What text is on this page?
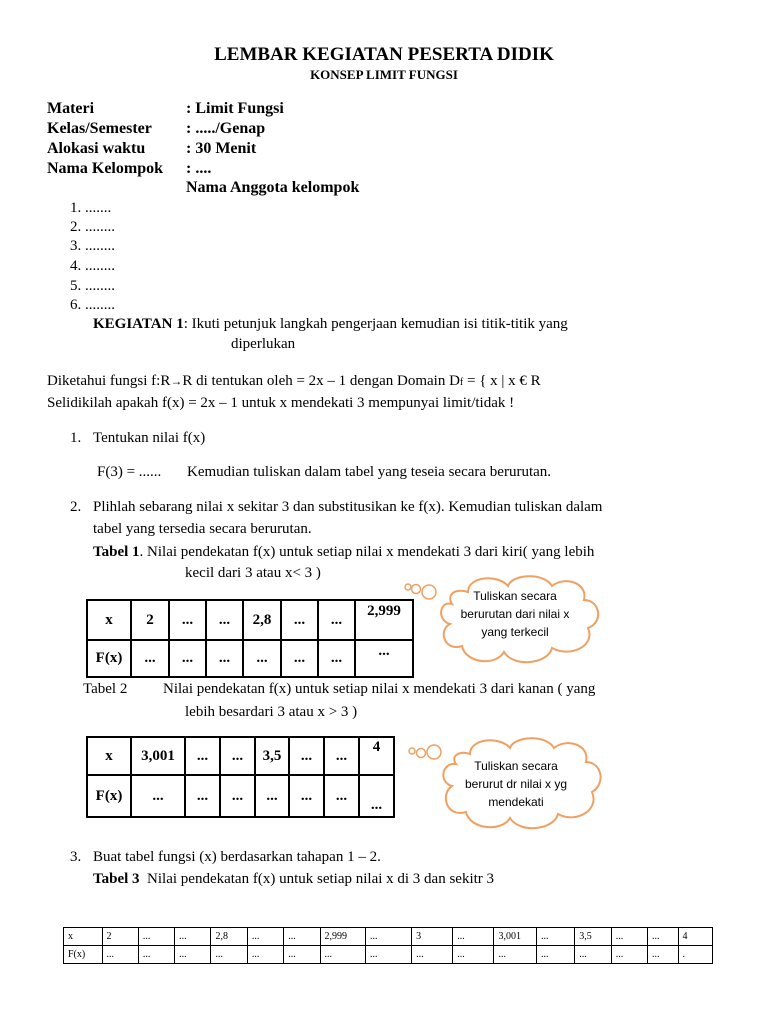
LEMBAR KEGIATAN PESERTA DIDIK
KONSEP LIMIT FUNGSI
Materi	: Limit Fungsi
Kelas/Semester : ...../Genap
Alokasi waktu	: 30 Menit
Nama Kelompok : ....
Nama Anggota kelompok
1. .......
2. ........
3. ........
4. ........
5. ........
6. ........
KEGIATAN 1: Ikuti petunjuk langkah pengerjaan kemudian isi titik-titik yang
diperlukan
Diketahui fungsi f:R→R di tentukan oleh = 2x – 1 dengan Domain Df = { x | x € R
Selidikilah apakah f(x) = 2x – 1 untuk x mendekati 3 mempunyai limit/tidak !
1. Tentukan nilai f(x)
F(3) = ...... Kemudian tuliskan dalam tabel yang teseia secara berurutan.
2. Plihlah sebarang nilai x sekitar 3 dan substitusikan ke f(x). Kemudian tuliskan dalam
tabel yang tersedia secara berurutan.
Tabel 1. Nilai pendekatan f(x) untuk setiap nilai x mendekati 3 dari kiri( yang lebih
kecil dari 3 atau x< 3 )
x	2	...	...	2,8	...	...	2,999
F(x)	...	...	...	...	...	...	...
Tuliskan secara berurutan dari nilai x yang terkecil
Tabel 2 Nilai pendekatan f(x) untuk setiap nilai x mendekati 3 dari kanan ( yang
lebih besardari 3 atau x > 3 )
x	3,001	...	...	3,5	...	...	4
F(x)	...	...	...	...	...	...	...
Tuliskan secara berurut dr nilai x yg mendekati
3. Buat tabel fungsi (x) berdasarkan tahapan 1 – 2.
Tabel 3 Nilai pendekatan f(x) untuk setiap nilai x di 3 dan sekitr 3
x	2	...	...	2,8	...	...	2,999	...	3	...	3,001	...	3,5	...	...	4
F(x)	...	...	...	...	...	...	...	...	...	...	...	...	...	...	...	.
